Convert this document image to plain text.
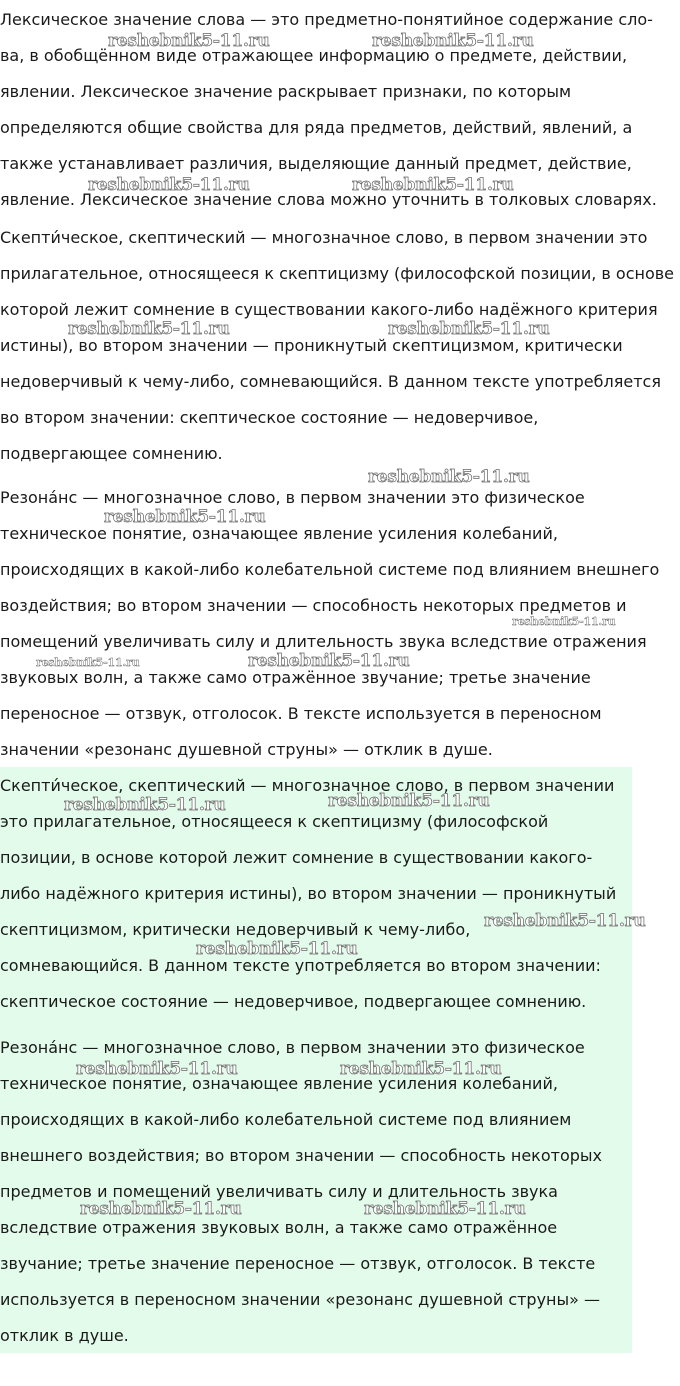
Лексическое значение слова — это предметно-понятийное содержание сло-
ва, в обобщённом виде отражающее информацию о предмете, действии,
явлении. Лексическое значение раскрывает признаки, по которым
определяются общие свойства для ряда предметов, действий, явлений, а
также устанавливает различия, выделяющие данный предмет, действие,
явление. Лексическое значение слова можно уточнить в толковых словарях.
Скепти́ческое, скептический — многозначное слово, в первом значении это
прилагательное, относящееся к скептицизму (философской позиции, в основе
которой лежит сомнение в существовании какого-либо надёжного критерия
истины), во втором значении — проникнутый скептицизмом, критически
недоверчивый к чему-либо, сомневающийся. В данном тексте употребляется
во втором значении: скептическое состояние — недоверчивое,
подвергающее сомнению.
Резона́нс — многозначное слово, в первом значении это физическое
техническое понятие, означающее явление усиления колебаний,
происходящих в какой-либо колебательной системе под влиянием внешнего
воздействия; во втором значении — способность некоторых предметов и
помещений увеличивать силу и длительность звука вследствие отражения
звуковых волн, а также само отражённое звучание; третье значение
переносное — отзвук, отголосок. В тексте используется в переносном
значении «резонанс душевной струны» — отклик в душе.
Скепти́ческое, скептический — многозначное слово, в первом значении
это прилагательное, относящееся к скептицизму (философской
позиции, в основе которой лежит сомнение в существовании какого-
либо надёжного критерия истины), во втором значении — проникнутый
скептицизмом, критически недоверчивый к чему-либо,
сомневающийся. В данном тексте употребляется во втором значении:
скептическое состояние — недоверчивое, подвергающее сомнению.
Резона́нс — многозначное слово, в первом значении это физическое
техническое понятие, означающее явление усиления колебаний,
происходящих в какой-либо колебательной системе под влиянием
внешнего воздействия; во втором значении — способность некоторых
предметов и помещений увеличивать силу и длительность звука
вследствие отражения звуковых волн, а также само отражённое
звучание; третье значение переносное — отзвук, отголосок. В тексте
используется в переносном значении «резонанс душевной струны» —
отклик в душе.
reshebnik5-11.ru	reshebnik5-11.ru
reshebnik5-11.ru	reshebnik5-11.ru
reshebnik5-11.ru	reshebnik5-11.ru
reshebnik5-11.ru
reshebnik5-11.ru
reshebnik5-11.ru
reshebnik5-11.ru	reshebnik5-11.ru
reshebnik5-11.ru	reshebnik5-11.ru
reshebnik5-11.ru
reshebnik5-11.ru
reshebnik5-11.ru	reshebnik5-11.ru
reshebnik5-11.ru	reshebnik5-11.ru
